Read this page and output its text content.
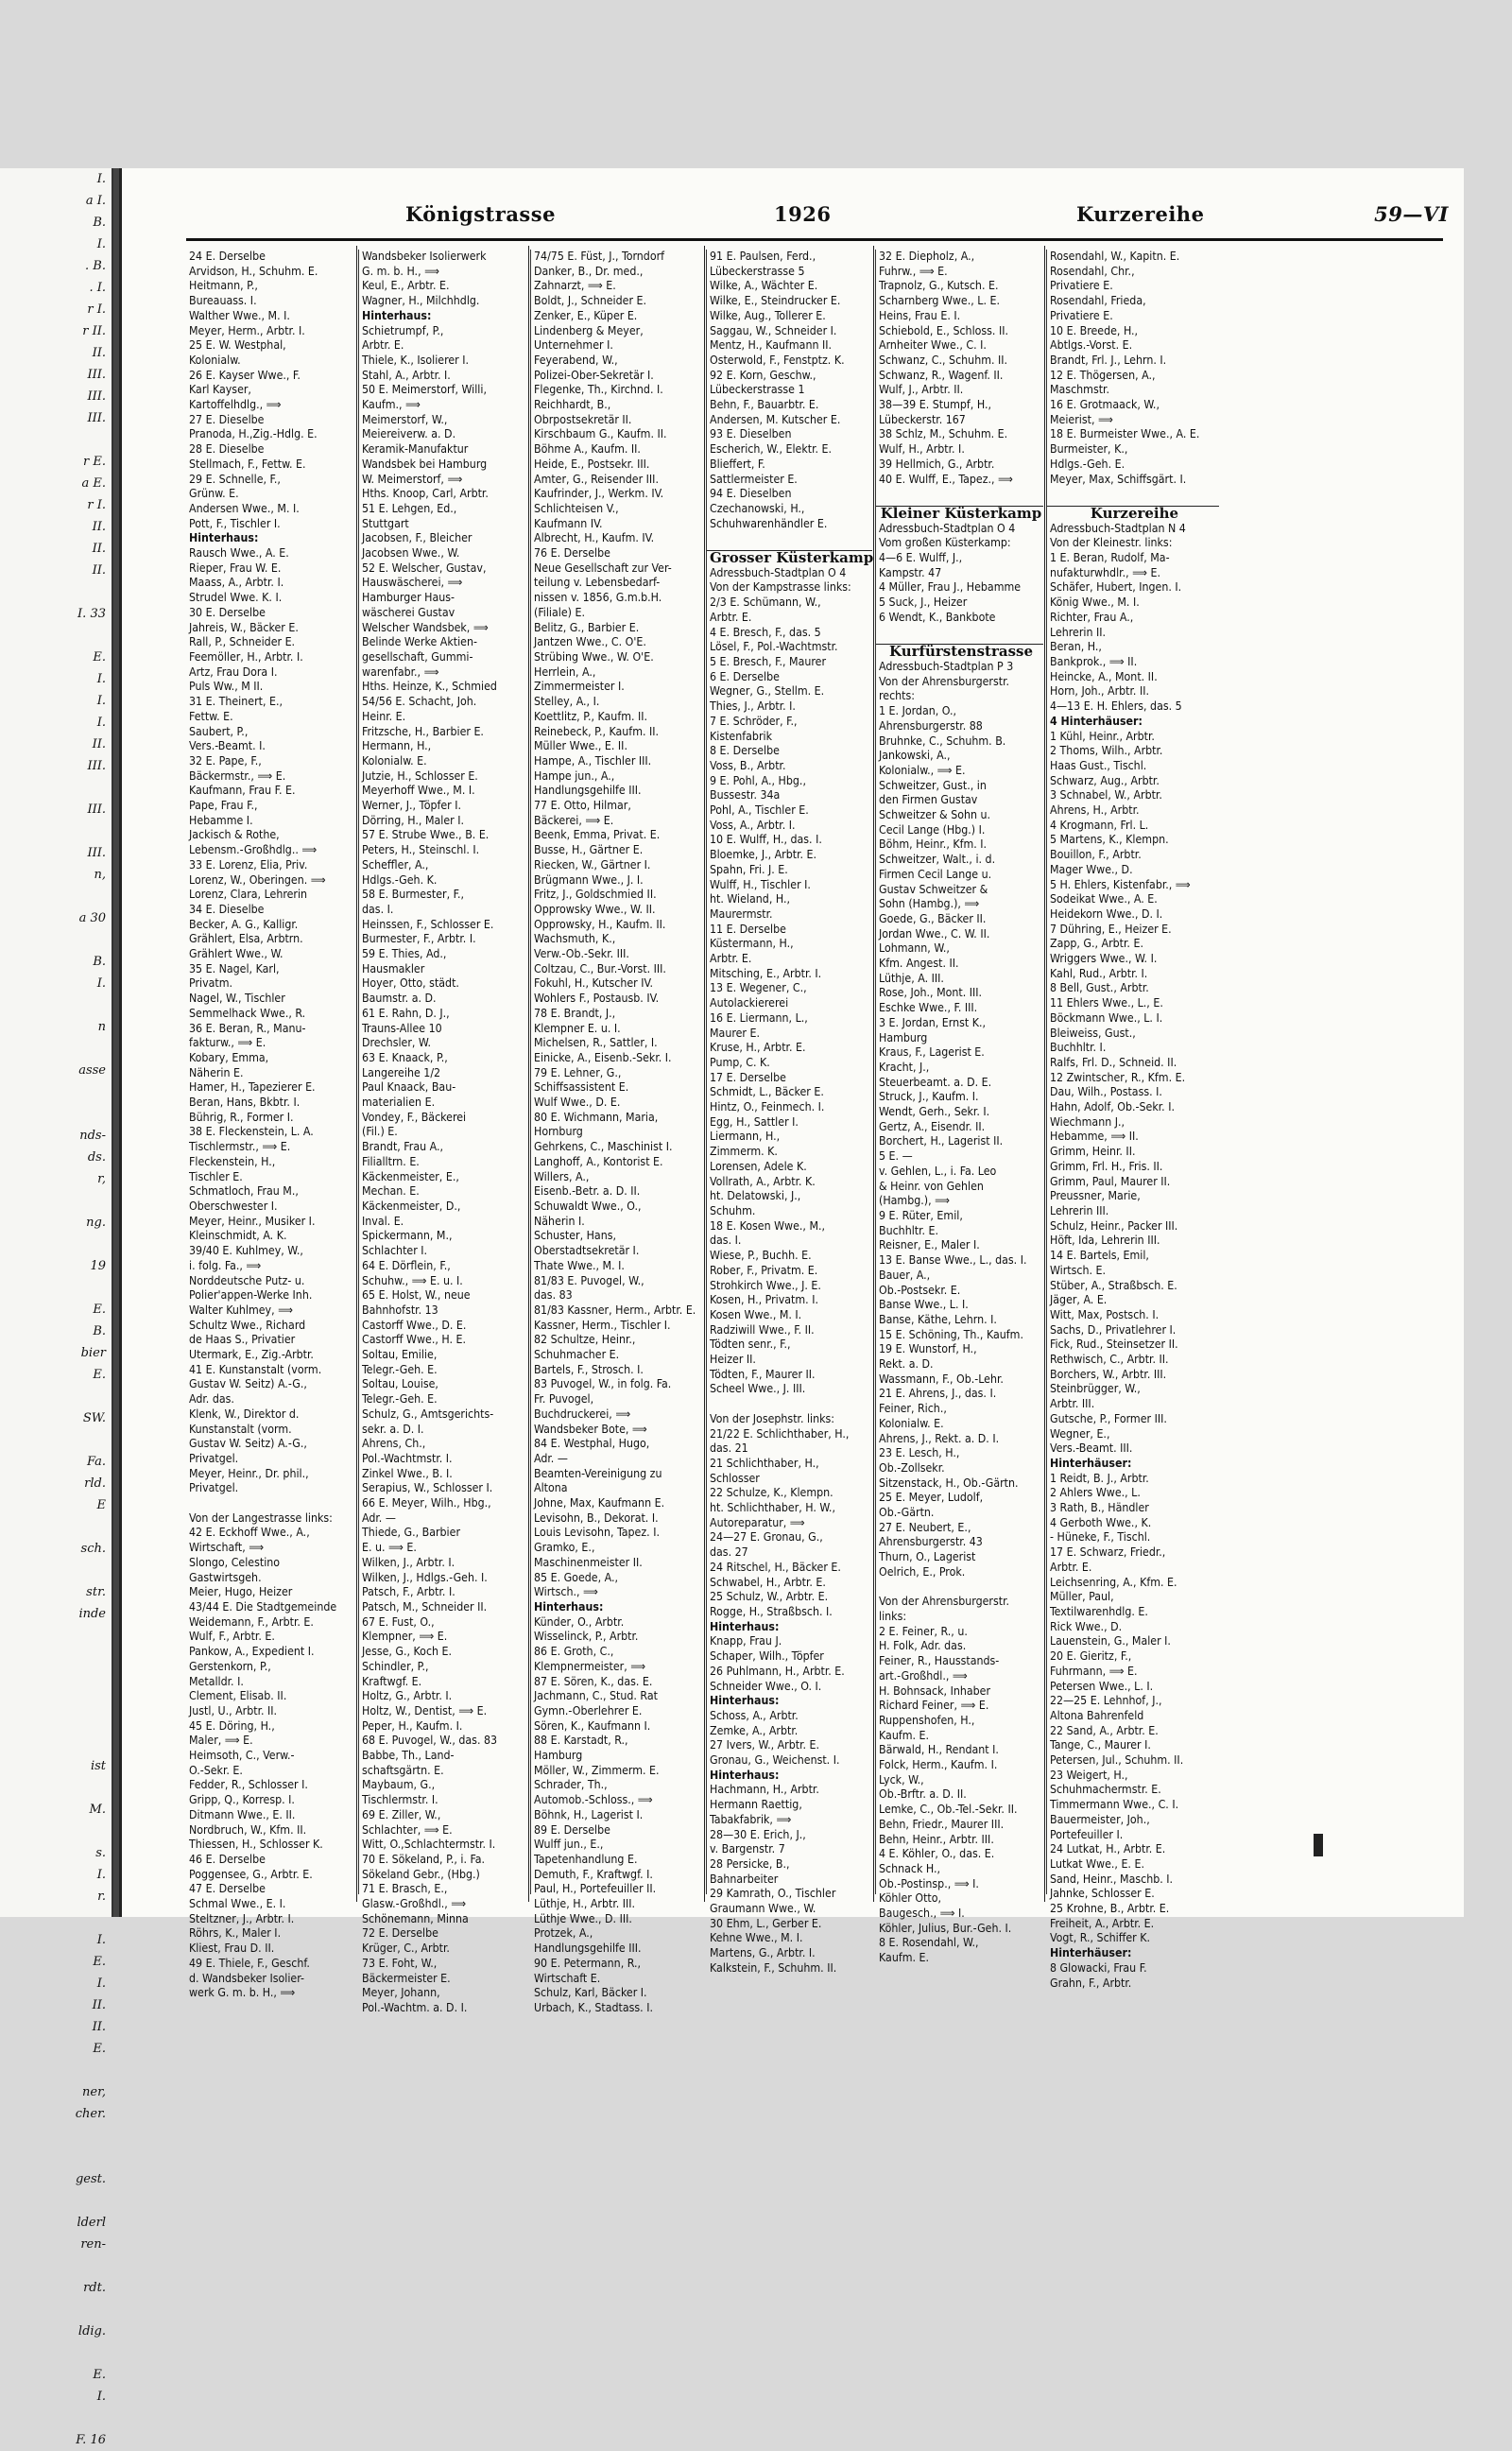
I.
a I.
B.
I.
. B.
. I.
r I.
r II.
II.
III.
III.
III.

r E.
a E.
r I.
II.
II.
II.

I. 33

E.
I.
I.
I.
II.
III.

III.

III.
n,

a 30

B.
I.

n

asse

nds-
ds.
r,

ng.

19

E.
B.
bier
E.

SW.

Fa.
rld.
E

sch.

str.
inde

ist

M.

s.
I.
r.

I.
E.
I.
II.
II.
E.

ner,
cher.

gest.

lderl
ren-

rdt.

ldig.

E.
I.

F. 16
Königstrasse	1926	Kurzereihe	59—VI
24 E. Derselbe
Arvidson, H., Schuhm. E.
Heitmann, P.,
Bureauass. I.
Walther Wwe., M. I.
Meyer, Herm., Arbtr. I.
25 E. W. Westphal,
Kolonialw.
26 E. Kayser Wwe., F.
Karl Kayser,
Kartoffelhdlg., ⟹
27 E. Dieselbe
Pranoda, H.,Zig.-Hdlg. E.
28 E. Dieselbe
Stellmach, F., Fettw. E.
29 E. Schnelle, F.,
Grünw. E.
Andersen Wwe., M. I.
Pott, F., Tischler I.
Hinterhaus:
Rausch Wwe., A. E.
Rieper, Frau W. E.
Maass, A., Arbtr. I.
Strudel Wwe. K. I.
30 E. Derselbe
Jahreis, W., Bäcker E.
Rall, P., Schneider E.
Feemöller, H., Arbtr. I.
Artz, Frau Dora I.
Puls Ww., M II.
31 E. Theinert, E.,
Fettw. E.
Saubert, P.,
Vers.-Beamt. I.
32 E. Pape, F.,
Bäckermstr., ⟹ E.
Kaufmann, Frau F. E.
Pape, Frau F.,
Hebamme I.
Jackisch & Rothe,
Lebensm.-Großhdlg.. ⟹
33 E. Lorenz, Elia, Priv.
Lorenz, W., Oberingen. ⟹
Lorenz, Clara, Lehrerin
34 E. Dieselbe
Becker, A. G., Kalligr.
Grählert, Elsa, Arbtrn.
Grählert Wwe., W.
35 E. Nagel, Karl,
Privatm.
Nagel, W., Tischler
Semmelhack Wwe., R.
36 E. Beran, R., Manu-
fakturw., ⟹ E.
Kobary, Emma,
Näherin E.
Hamer, H., Tapezierer E.
Beran, Hans, Bkbtr. I.
Bührig, R., Former I.
38 E. Fleckenstein, L. A.
Tischlermstr., ⟹ E.
Fleckenstein, H.,
Tischler E.
Schmatloch, Frau M.,
Oberschwester I.
Meyer, Heinr., Musiker I.
Kleinschmidt, A. K.
39/40 E. Kuhlmey, W.,
i. folg. Fa., ⟹
Norddeutsche Putz- u.
Polier'appen-Werke Inh.
Walter Kuhlmey, ⟹
Schultz Wwe., Richard
de Haas S., Privatier
Utermark, E., Zig.-Arbtr.
41 E. Kunstanstalt (vorm.
Gustav W. Seitz) A.-G.,
Adr. das.
Klenk, W., Direktor d.
Kunstanstalt (vorm.
Gustav W. Seitz) A.-G.,
Privatgel.
Meyer, Heinr., Dr. phil.,
Privatgel.

Von der Langestrasse links:
42 E. Eckhoff Wwe., A.,
Wirtschaft, ⟹
Slongo, Celestino
Gastwirtsgeh.
Meier, Hugo, Heizer
43/44 E. Die Stadtgemeinde
Weidemann, F., Arbtr. E.
Wulf, F., Arbtr. E.
Pankow, A., Expedient I.
Gerstenkorn, P.,
Metalldr. I.
Clement, Elisab. II.
Justl, U., Arbtr. II.
45 E. Döring, H.,
Maler, ⟹ E.
Heimsoth, C., Verw.-
O.-Sekr. E.
Fedder, R., Schlosser I.
Gripp, Q., Korresp. I.
Ditmann Wwe., E. II.
Nordbruch, W., Kfm. II.
Thiessen, H., Schlosser K.
46 E. Derselbe
Poggensee, G., Arbtr. E.
47 E. Derselbe
Schmal Wwe., E. I.
Steltzner, J., Arbtr. I.
Röhrs, K., Maler I.
Kliest, Frau D. II.
49 E. Thiele, F., Geschf.
d. Wandsbeker Isolier-
werk G. m. b. H., ⟹
Wandsbeker Isolierwerk
G. m. b. H., ⟹
Keul, E., Arbtr. E.
Wagner, H., Milchhdlg.
Hinterhaus:
Schietrumpf, P.,
Arbtr. E.
Thiele, K., Isolierer I.
Stahl, A., Arbtr. I.
50 E. Meimerstorf, Willi,
Kaufm., ⟹
Meimerstorf, W.,
Meiereiverw. a. D.
Keramik-Manufaktur
Wandsbek bei Hamburg
W. Meimerstorf, ⟹
Hths. Knoop, Carl, Arbtr.
51 E. Lehgen, Ed.,
Stuttgart
Jacobsen, F., Bleicher
Jacobsen Wwe., W.
52 E. Welscher, Gustav,
Hauswäscherei, ⟹
Hamburger Haus-
wäscherei Gustav
Welscher Wandsbek, ⟹
Belinde Werke Aktien-
gesellschaft, Gummi-
warenfabr., ⟹
Hths. Heinze, K., Schmied
54/56 E. Schacht, Joh.
Heinr. E.
Fritzsche, H., Barbier E.
Hermann, H.,
Kolonialw. E.
Jutzie, H., Schlosser E.
Meyerhoff Wwe., M. I.
Werner, J., Töpfer I.
Dörring, H., Maler I.
57 E. Strube Wwe., B. E.
Peters, H., Steinschl. I.
Scheffler, A.,
Hdlgs.-Geh. K.
58 E. Burmester, F.,
das. I.
Heinssen, F., Schlosser E.
Burmester, F., Arbtr. I.
59 E. Thies, Ad.,
Hausmakler
Hoyer, Otto, städt.
Baumstr. a. D.
61 E. Rahn, D. J.,
Trauns-Allee 10
Drechsler, W.
63 E. Knaack, P.,
Langereihe 1/2
Paul Knaack, Bau-
materialien E.
Vondey, F., Bäckerei
(Fil.) E.
Brandt, Frau A.,
Filialltrn. E.
Käckenmeister, E.,
Mechan. E.
Käckenmeister, D.,
Inval. E.
Spickermann, M.,
Schlachter I.
64 E. Dörflein, F.,
Schuhw., ⟹ E. u. I.
65 E. Holst, W., neue
Bahnhofstr. 13
Castorff Wwe., D. E.
Castorff Wwe., H. E.
Soltau, Emilie,
Telegr.-Geh. E.
Soltau, Louise,
Telegr.-Geh. E.
Schulz, G., Amtsgerichts-
sekr. a. D. I.
Ahrens, Ch.,
Pol.-Wachtmstr. I.
Zinkel Wwe., B. I.
Serapius, W., Schlosser I.
66 E. Meyer, Wilh., Hbg.,
Adr. —
Thiede, G., Barbier
E. u. ⟹ E.
Wilken, J., Arbtr. I.
Wilken, J., Hdlgs.-Geh. I.
Patsch, F., Arbtr. I.
Patsch, M., Schneider II.
67 E. Fust, O.,
Klempner, ⟹ E.
Jesse, G., Koch E.
Schindler, P.,
Kraftwgf. E.
Holtz, G., Arbtr. I.
Holtz, W., Dentist, ⟹ E.
Peper, H., Kaufm. I.
68 E. Puvogel, W., das. 83
Babbe, Th., Land-
schaftsgärtn. E.
Maybaum, G.,
Tischlermstr. I.
69 E. Ziller, W.,
Schlachter, ⟹ E.
Witt, O.,Schlachtermstr. I.
70 E. Sökeland, P., i. Fa.
Sökeland Gebr., (Hbg.)
71 E. Brasch, E.,
Glasw.-Großhdl., ⟹
Schönemann, Minna
72 E. Derselbe
Krüger, C., Arbtr.
73 E. Foht, W.,
Bäckermeister E.
Meyer, Johann,
Pol.-Wachtm. a. D. I.
74/75 E. Füst, J., Torndorf
Danker, B., Dr. med.,
Zahnarzt, ⟹ E.
Boldt, J., Schneider E.
Zenker, E., Küper E.
Lindenberg & Meyer,
Unternehmer I.
Feyerabend, W.,
Polizei-Ober-Sekretär I.
Flegenke, Th., Kirchnd. I.
Reichhardt, B.,
Obrpostsekretär II.
Kirschbaum G., Kaufm. II.
Böhme A., Kaufm. II.
Heide, E., Postsekr. III.
Amter, G., Reisender III.
Kaufrinder, J., Werkm. IV.
Schlichteisen V.,
Kaufmann IV.
Albrecht, H., Kaufm. IV.
76 E. Derselbe
Neue Gesellschaft zur Ver-
teilung v. Lebensbedarf-
nissen v. 1856, G.m.b.H.
(Filiale) E.
Belitz, G., Barbier E.
Jantzen Wwe., C. O'E.
Strübing Wwe., W. O'E.
Herrlein, A.,
Zimmermeister I.
Stelley, A., I.
Koettlitz, P., Kaufm. II.
Reinebeck, P., Kaufm. II.
Müller Wwe., E. II.
Hampe, A., Tischler III.
Hampe jun., A.,
Handlungsgehilfe III.
77 E. Otto, Hilmar,
Bäckerei, ⟹ E.
Beenk, Emma, Privat. E.
Busse, H., Gärtner E.
Riecken, W., Gärtner I.
Brügmann Wwe., J. I.
Fritz, J., Goldschmied II.
Opprowsky Wwe., W. II.
Opprowsky, H., Kaufm. II.
Wachsmuth, K.,
Verw.-Ob.-Sekr. III.
Coltzau, C., Bur.-Vorst. III.
Fokuhl, H., Kutscher IV.
Wohlers F., Postausb. IV.
78 E. Brandt, J.,
Klempner E. u. I.
Michelsen, R., Sattler, I.
Einicke, A., Eisenb.-Sekr. I.
79 E. Lehner, G.,
Schiffsassistent E.
Wulf Wwe., D. E.
80 E. Wichmann, Maria,
Hornburg
Gehrkens, C., Maschinist I.
Langhoff, A., Kontorist E.
Willers, A.,
Eisenb.-Betr. a. D. II.
Schuwaldt Wwe., O.,
Näherin I.
Schuster, Hans,
Oberstadtsekretär I.
Thate Wwe., M. I.
81/83 E. Puvogel, W.,
das. 83
81/83 Kassner, Herm., Arbtr. E.
Kassner, Herm., Tischler I.
82 Schultze, Heinr.,
Schuhmacher E.
Bartels, F., Strosch. I.
83 Puvogel, W., in folg. Fa.
Fr. Puvogel,
Buchdruckerei, ⟹
Wandsbeker Bote, ⟹
84 E. Westphal, Hugo,
Adr. —
Beamten-Vereinigung zu
Altona
Johne, Max, Kaufmann E.
Levisohn, B., Dekorat. I.
Louis Levisohn, Tapez. I.
Gramko, E.,
Maschinenmeister II.
85 E. Goede, A.,
Wirtsch., ⟹
Hinterhaus:
Künder, O., Arbtr.
Wisselinck, P., Arbtr.
86 E. Groth, C.,
Klempnermeister, ⟹
87 E. Sören, K., das. E.
Jachmann, C., Stud. Rat
Gymn.-Oberlehrer E.
Sören, K., Kaufmann I.
88 E. Karstadt, R.,
Hamburg
Möller, W., Zimmerm. E.
Schrader, Th.,
Automob.-Schloss., ⟹
Böhnk, H., Lagerist I.
89 E. Derselbe
Wulff jun., E.,
Tapetenhandlung E.
Demuth, F., Kraftwgf. I.
Paul, H., Portefeuiller II.
Lüthje, H., Arbtr. III.
Lüthje Wwe., D. III.
Protzek, A.,
Handlungsgehilfe III.
90 E. Petermann, R.,
Wirtschaft E.
Schulz, Karl, Bäcker I.
Urbach, K., Stadtass. I.
91 E. Paulsen, Ferd.,
Lübeckerstrasse 5
Wilke, A., Wächter E.
Wilke, E., Steindrucker E.
Wilke, Aug., Tollerer E.
Saggau, W., Schneider I.
Mentz, H., Kaufmann II.
Osterwold, F., Fenstptz. K.
92 E. Korn, Geschw.,
Lübeckerstrasse 1
Behn, F., Bauarbtr. E.
Andersen, M. Kutscher E.
93 E. Dieselben
Escherich, W., Elektr. E.
Blieffert, F.
Sattlermeister E.
94 E. Dieselben
Czechanowski, H.,
Schuhwarenhändler E.

Grosser Küsterkamp
Adressbuch-Stadtplan O 4
Von der Kampstrasse links:
2/3 E. Schümann, W.,
Arbtr. E.
4 E. Bresch, F., das. 5
Lösel, F., Pol.-Wachtmstr.
5 E. Bresch, F., Maurer
6 E. Derselbe
Wegner, G., Stellm. E.
Thies, J., Arbtr. I.
7 E. Schröder, F.,
Kistenfabrik
8 E. Derselbe
Voss, B., Arbtr.
9 E. Pohl, A., Hbg.,
Bussestr. 34a
Pohl, A., Tischler E.
Voss, A., Arbtr. I.
10 E. Wulff, H., das. I.
Bloemke, J., Arbtr. E.
Spahn, Fri. J. E.
Wulff, H., Tischler I.
ht. Wieland, H.,
Maurermstr.
11 E. Derselbe
Küstermann, H.,
Arbtr. E.
Mitsching, E., Arbtr. I.
13 E. Wegener, C.,
Autolackiererei
16 E. Liermann, L.,
Maurer E.
Kruse, H., Arbtr. E.
Pump, C. K.
17 E. Derselbe
Schmidt, L., Bäcker E.
Hintz, O., Feinmech. I.
Egg, H., Sattler I.
Liermann, H.,
Zimmerm. K.
Lorensen, Adele K.
Vollrath, A., Arbtr. K.
ht. Delatowski, J.,
Schuhm.
18 E. Kosen Wwe., M.,
das. I.
Wiese, P., Buchh. E.
Rober, F., Privatm. E.
Strohkirch Wwe., J. E.
Kosen, H., Privatm. I.
Kosen Wwe., M. I.
Radziwill Wwe., F. II.
Tödten senr., F.,
Heizer II.
Tödten, F., Maurer II.
Scheel Wwe., J. III.

Von der Josephstr. links:
21/22 E. Schlichthaber, H.,
das. 21
21 Schlichthaber, H.,
Schlosser
22 Schulze, K., Klempn.
ht. Schlichthaber, H. W.,
Autoreparatur, ⟹
24—27 E. Gronau, G.,
das. 27
24 Ritschel, H., Bäcker E.
Schwabel, H., Arbtr. E.
25 Schulz, W., Arbtr. E.
Rogge, H., Straßbsch. I.
Hinterhaus:
Knapp, Frau J.
Schaper, Wilh., Töpfer
26 Puhlmann, H., Arbtr. E.
Schneider Wwe., O. I.
Hinterhaus:
Schoss, A., Arbtr.
Zemke, A., Arbtr.
27 Ivers, W., Arbtr. E.
Gronau, G., Weichenst. I.
Hinterhaus:
Hachmann, H., Arbtr.
Hermann Raettig,
Tabakfabrik, ⟹
28—30 E. Erich, J.,
v. Bargenstr. 7
28 Persicke, B.,
Bahnarbeiter
29 Kamrath, O., Tischler
Graumann Wwe., W.
30 Ehm, L., Gerber E.
Kehne Wwe., M. I.
Martens, G., Arbtr. I.
Kalkstein, F., Schuhm. II.
32 E. Diepholz, A.,
Fuhrw., ⟹ E.
Trapnolz, G., Kutsch. E.
Scharnberg Wwe., L. E.
Heins, Frau E. I.
Schiebold, E., Schloss. II.
Arnheiter Wwe., C. I.
Schwanz, C., Schuhm. II.
Schwanz, R., Wagenf. II.
Wulf, J., Arbtr. II.
38—39 E. Stumpf, H.,
Lübeckerstr. 167
38 Schlz, M., Schuhm. E.
Wulf, H., Arbtr. I.
39 Hellmich, G., Arbtr.
40 E. Wulff, E., Tapez., ⟹

Kleiner Küsterkamp
Adressbuch-Stadtplan O 4
Vom großen Küsterkamp:
4—6 E. Wulff, J.,
Kampstr. 47
4 Müller, Frau J., Hebamme
5 Suck, J., Heizer
6 Wendt, K., Bankbote

Kurfürstenstrasse
Adressbuch-Stadtplan P 3
Von der Ahrensburgerstr.
rechts:
1 E. Jordan, O.,
Ahrensburgerstr. 88
Bruhnke, C., Schuhm. B.
Jankowski, A.,
Kolonialw., ⟹ E.
Schweitzer, Gust., in
den Firmen Gustav
Schweitzer & Sohn u.
Cecil Lange (Hbg.) I.
Böhm, Heinr., Kfm. I.
Schweitzer, Walt., i. d.
Firmen Cecil Lange u.
Gustav Schweitzer &
Sohn (Hambg.), ⟹
Goede, G., Bäcker II.
Jordan Wwe., C. W. II.
Lohmann, W.,
Kfm. Angest. II.
Lüthje, A. III.
Rose, Joh., Mont. III.
Eschke Wwe., F. III.
3 E. Jordan, Ernst K.,
Hamburg
Kraus, F., Lagerist E.
Kracht, J.,
Steuerbeamt. a. D. E.
Struck, J., Kaufm. I.
Wendt, Gerh., Sekr. I.
Gertz, A., Eisendr. II.
Borchert, H., Lagerist II.
5 E. —
v. Gehlen, L., i. Fa. Leo
& Heinr. von Gehlen
(Hambg.), ⟹
9 E. Rüter, Emil,
Buchhltr. E.
Reisner, E., Maler I.
13 E. Banse Wwe., L., das. I.
Bauer, A.,
Ob.-Postsekr. E.
Banse Wwe., L. I.
Banse, Käthe, Lehrn. I.
15 E. Schöning, Th., Kaufm.
19 E. Wunstorf, H.,
Rekt. a. D.
Wassmann, F., Ob.-Lehr.
21 E. Ahrens, J., das. I.
Feiner, Rich.,
Kolonialw. E.
Ahrens, J., Rekt. a. D. I.
23 E. Lesch, H.,
Ob.-Zollsekr.
Sitzenstack, H., Ob.-Gärtn.
25 E. Meyer, Ludolf,
Ob.-Gärtn.
27 E. Neubert, E.,
Ahrensburgerstr. 43
Thurn, O., Lagerist
Oelrich, E., Prok.

Von der Ahrensburgerstr.
links:
2 E. Feiner, R., u.
H. Folk, Adr. das.
Feiner, R., Hausstands-
art.-Großhdl., ⟹
H. Bohnsack, Inhaber
Richard Feiner, ⟹ E.
Ruppenshofen, H.,
Kaufm. E.
Bärwald, H., Rendant I.
Folck, Herm., Kaufm. I.
Lyck, W.,
Ob.-Brftr. a. D. II.
Lemke, C., Ob.-Tel.-Sekr. II.
Behn, Friedr., Maurer III.
Behn, Heinr., Arbtr. III.
4 E. Köhler, O., das. E.
Schnack H.,
Ob.-Postinsp., ⟹ I.
Köhler Otto,
Baugesch., ⟹ I.
Köhler, Julius, Bur.-Geh. I.
8 E. Rosendahl, W.,
Kaufm. E.
Rosendahl, W., Kapitn. E.
Rosendahl, Chr.,
Privatiere E.
Rosendahl, Frieda,
Privatiere E.
10 E. Breede, H.,
Abtlgs.-Vorst. E.
Brandt, Frl. J., Lehrn. I.
12 E. Thögersen, A.,
Maschmstr.
16 E. Grotmaack, W.,
Meierist, ⟹
18 E. Burmeister Wwe., A. E.
Burmeister, K.,
Hdlgs.-Geh. E.
Meyer, Max, Schiffsgärt. I.

Kurzereihe
Adressbuch-Stadtplan N 4
Von der Kleinestr. links:
1 E. Beran, Rudolf, Ma-
nufakturwhdlr., ⟹ E.
Schäfer, Hubert, Ingen. I.
König Wwe., M. I.
Richter, Frau A.,
Lehrerin II.
Beran, H.,
Bankprok., ⟹ II.
Heincke, A., Mont. II.
Horn, Joh., Arbtr. II.
4—13 E. H. Ehlers, das. 5
4 Hinterhäuser:
1 Kühl, Heinr., Arbtr.
2 Thoms, Wilh., Arbtr.
Haas Gust., Tischl.
Schwarz, Aug., Arbtr.
3 Schnabel, W., Arbtr.
Ahrens, H., Arbtr.
4 Krogmann, Frl. L.
5 Martens, K., Klempn.
Bouillon, F., Arbtr.
Mager Wwe., D.
5 H. Ehlers, Kistenfabr., ⟹
Sodeikat Wwe., A. E.
Heidekorn Wwe., D. I.
7 Dühring, E., Heizer E.
Zapp, G., Arbtr. E.
Wriggers Wwe., W. I.
Kahl, Rud., Arbtr. I.
8 Bell, Gust., Arbtr.
11 Ehlers Wwe., L., E.
Böckmann Wwe., L. I.
Bleiweiss, Gust.,
Buchhltr. I.
Ralfs, Frl. D., Schneid. II.
12 Zwintscher, R., Kfm. E.
Dau, Wilh., Postass. I.
Hahn, Adolf, Ob.-Sekr. I.
Wiechmann J.,
Hebamme, ⟹ II.
Grimm, Heinr. II.
Grimm, Frl. H., Fris. II.
Grimm, Paul, Maurer II.
Preussner, Marie,
Lehrerin III.
Schulz, Heinr., Packer III.
Höft, Ida, Lehrerin III.
14 E. Bartels, Emil,
Wirtsch. E.
Stüber, A., Straßbsch. E.
Jäger, A. E.
Witt, Max, Postsch. I.
Sachs, D., Privatlehrer I.
Fick, Rud., Steinsetzer II.
Rethwisch, C., Arbtr. II.
Borchers, W., Arbtr. III.
Steinbrügger, W.,
Arbtr. III.
Gutsche, P., Former III.
Wegner, E.,
Vers.-Beamt. III.
Hinterhäuser:
1 Reidt, B. J., Arbtr.
2 Ahlers Wwe., L.
3 Rath, B., Händler
4 Gerboth Wwe., K.
- Hüneke, F., Tischl.
17 E. Schwarz, Friedr.,
Arbtr. E.
Leichsenring, A., Kfm. E.
Müller, Paul,
Textilwarenhdlg. E.
Rick Wwe., D.
Lauenstein, G., Maler I.
20 E. Gieritz, F.,
Fuhrmann, ⟹ E.
Petersen Wwe., L. I.
22—25 E. Lehnhof, J.,
Altona Bahrenfeld
22 Sand, A., Arbtr. E.
Tange, C., Maurer I.
Petersen, Jul., Schuhm. II.
23 Weigert, H.,
Schuhmachermstr. E.
Timmermann Wwe., C. I.
Bauermeister, Joh.,
Portefeuiller I.
24 Lutkat, H., Arbtr. E.
Lutkat Wwe., E. E.
Sand, Heinr., Maschb. I.
Jahnke, Schlosser E.
25 Krohne, B., Arbtr. E.
Freiheit, A., Arbtr. E.
Vogt, R., Schiffer K.
Hinterhäuser:
8 Glowacki, Frau F.
Grahn, F., Arbtr.
